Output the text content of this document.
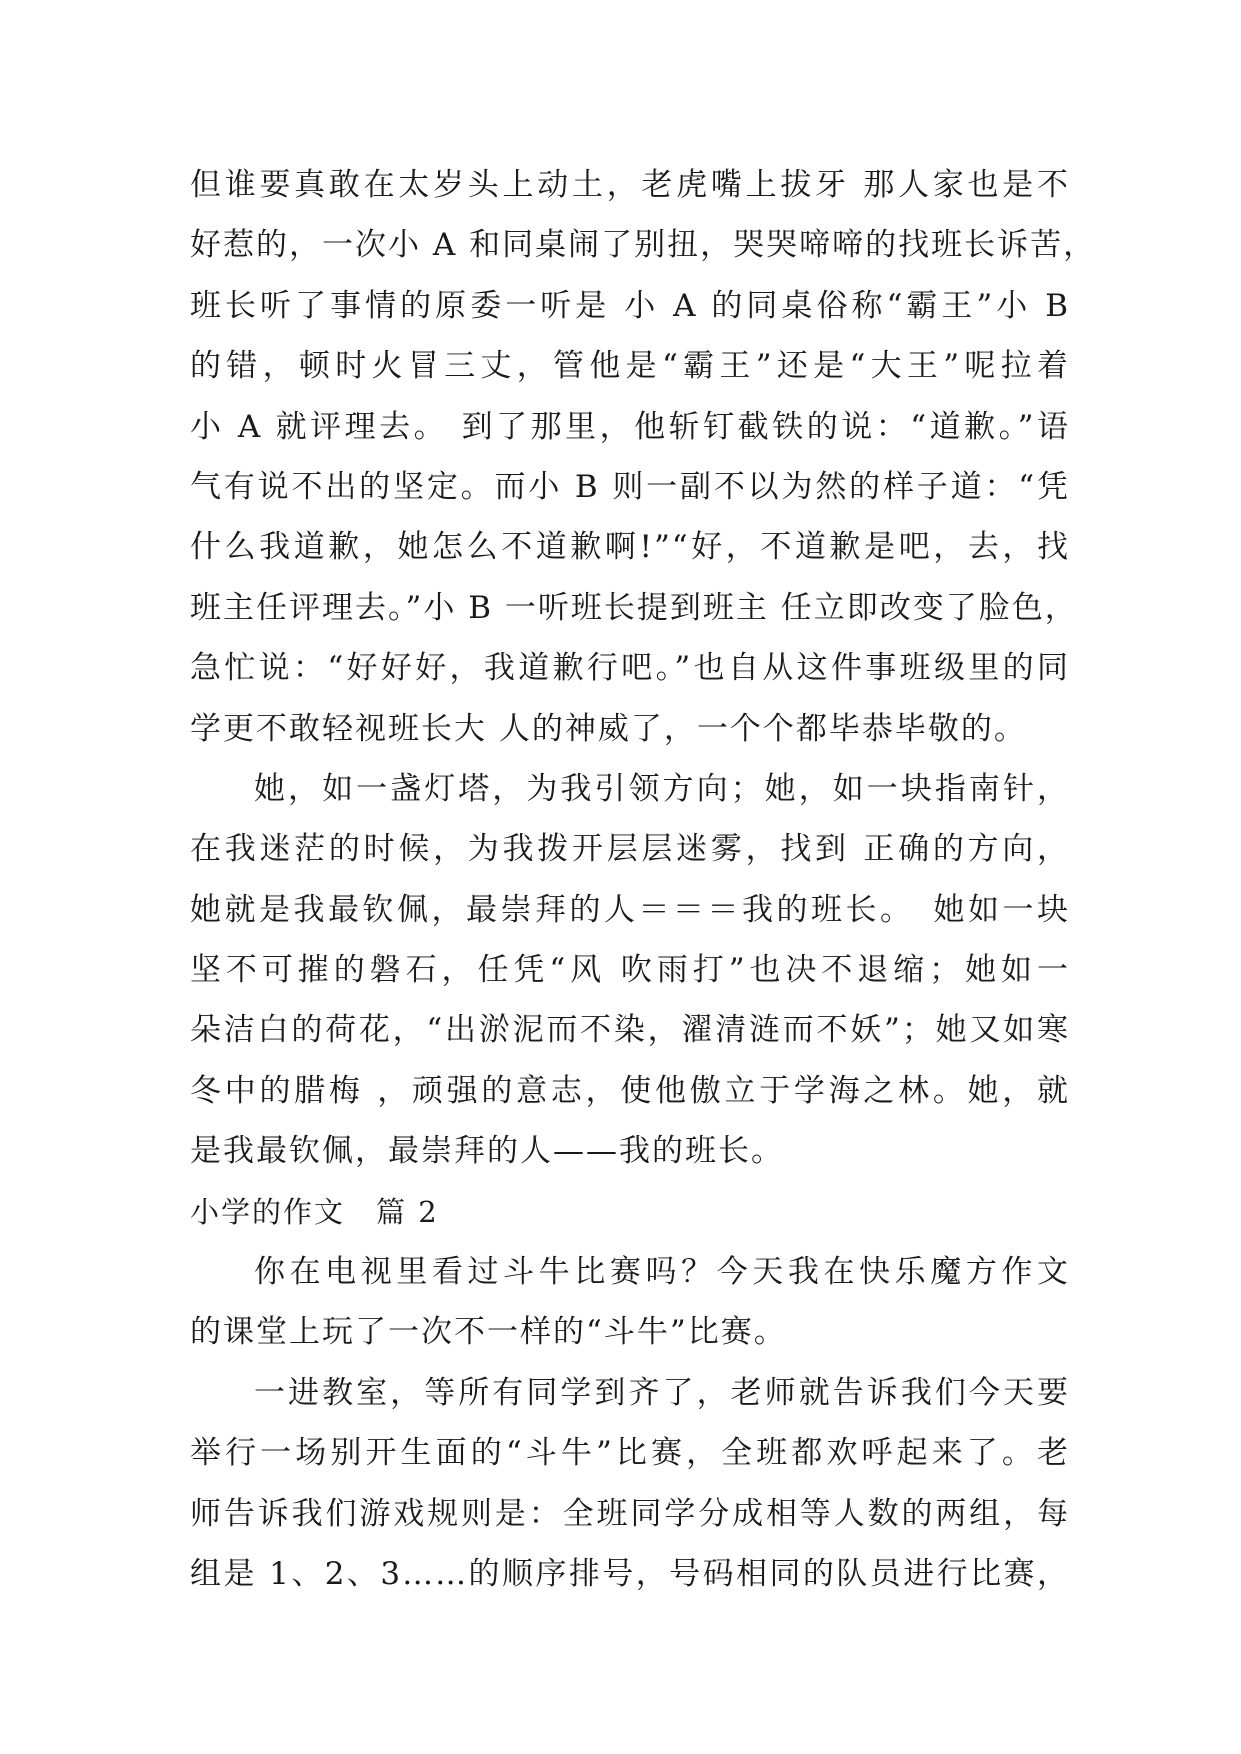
但谁要真敢在太岁头上动土，老虎嘴上拔牙 那人家也是不
好惹的，一次小 A 和同桌闹了别扭，哭哭啼啼的找班长诉苦，
班长听了事情的原委一听是 小 A 的同桌俗称“霸王”小 B
的错，顿时火冒三丈，管他是“霸王”还是“大王”呢拉着
小 A 就评理去。 到了那里，他斩钉截铁的说：“道歉。”语
气有说不出的坚定。而小 B 则一副不以为然的样子道：“凭
什么我道歉，她怎么不道歉啊!”“好，不道歉是吧，去，找
班主任评理去。”小 B 一听班长提到班主 任立即改变了脸色，
急忙说：“好好好，我道歉行吧。”也自从这件事班级里的同
学更不敢轻视班长大 人的神威了，一个个都毕恭毕敬的。
她，如一盏灯塔，为我引领方向；她，如一块指南针，
在我迷茫的时候，为我拨开层层迷雾，找到 正确的方向，
她就是我最钦佩，最崇拜的人＝＝＝我的班长。　她如一块
坚不可摧的磐石，任凭“风 吹雨打”也决不退缩；她如一
朵洁白的荷花，“出淤泥而不染，濯清涟而不妖”；她又如寒
冬中的腊梅 ，顽强的意志，使他傲立于学海之林。她，就
是我最钦佩，最崇拜的人——我的班长。
小学的作文　篇 2
你在电视里看过斗牛比赛吗？今天我在快乐魔方作文
的课堂上玩了一次不一样的“斗牛”比赛。
一进教室，等所有同学到齐了，老师就告诉我们今天要
举行一场别开生面的“斗牛”比赛，全班都欢呼起来了。老
师告诉我们游戏规则是：全班同学分成相等人数的两组，每
组是 1、2、3……的顺序排号，号码相同的队员进行比赛，
